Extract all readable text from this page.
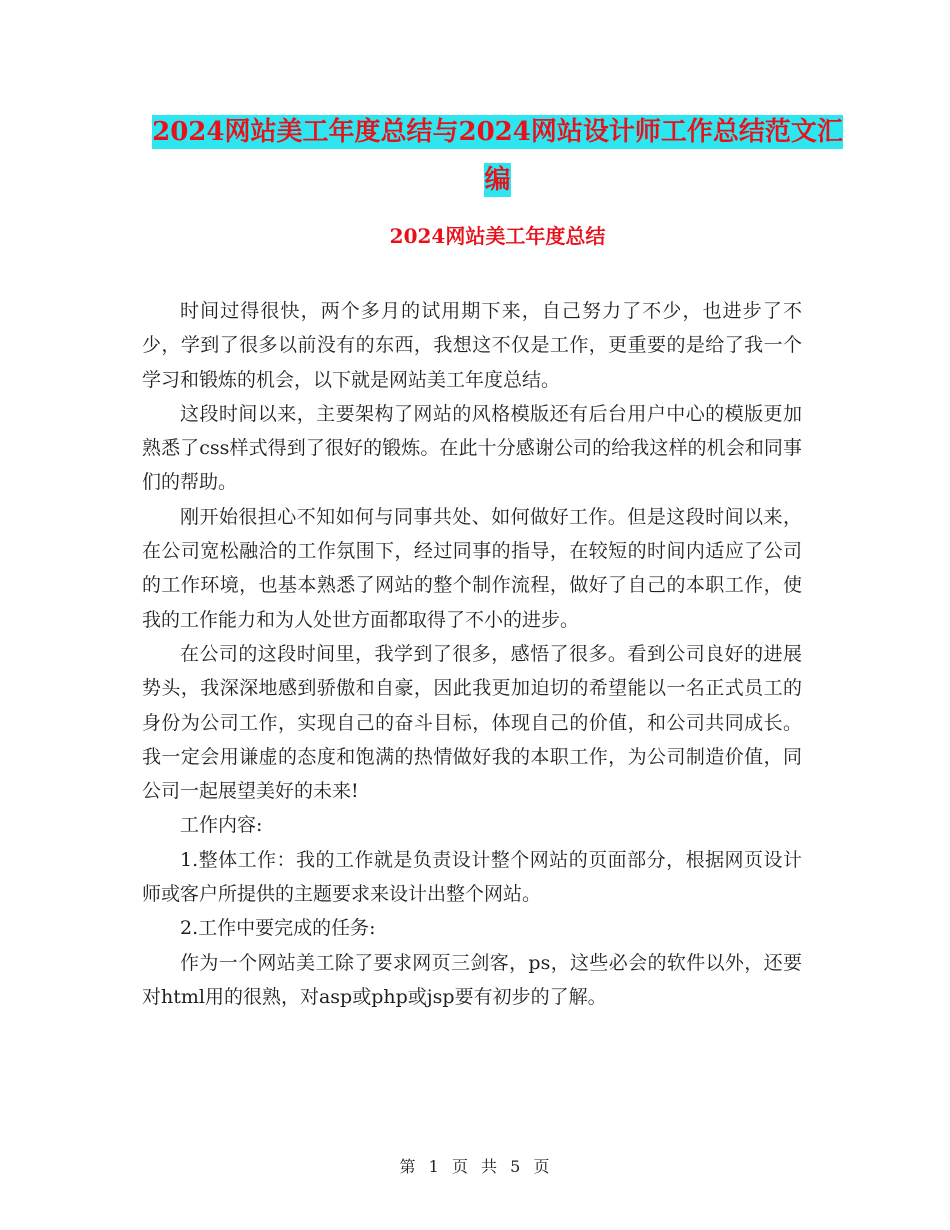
2024网站美工年度总结与2024网站设计师工作总结范文汇编
2024网站美工年度总结

时间过得很快，两个多月的试用期下来，自己努力了不少，也进步了不少，学到了很多以前没有的东西，我想这不仅是工作，更重要的是给了我一个学习和锻炼的机会，以下就是网站美工年度总结。

这段时间以来，主要架构了网站的风格模版还有后台用户中心的模版更加熟悉了css样式得到了很好的锻炼。在此十分感谢公司的给我这样的机会和同事们的帮助。

刚开始很担心不知如何与同事共处、如何做好工作。但是这段时间以来，在公司宽松融洽的工作氛围下，经过同事的指导，在较短的时间内适应了公司的工作环境，也基本熟悉了网站的整个制作流程，做好了自己的本职工作，使我的工作能力和为人处世方面都取得了不小的进步。

在公司的这段时间里，我学到了很多，感悟了很多。看到公司良好的进展势头，我深深地感到骄傲和自豪，因此我更加迫切的希望能以一名正式员工的身份为公司工作，实现自己的奋斗目标，体现自己的价值，和公司共同成长。我一定会用谦虚的态度和饱满的热情做好我的本职工作，为公司制造价值，同公司一起展望美好的未来!

工作内容:

1.整体工作：我的工作就是负责设计整个网站的页面部分，根据网页设计师或客户所提供的主题要求来设计出整个网站。

2.工作中要完成的任务:

作为一个网站美工除了要求网页三剑客，ps，这些必会的软件以外，还要对html用的很熟，对asp或php或jsp要有初步的了解。

第 1 页 共 5 页
